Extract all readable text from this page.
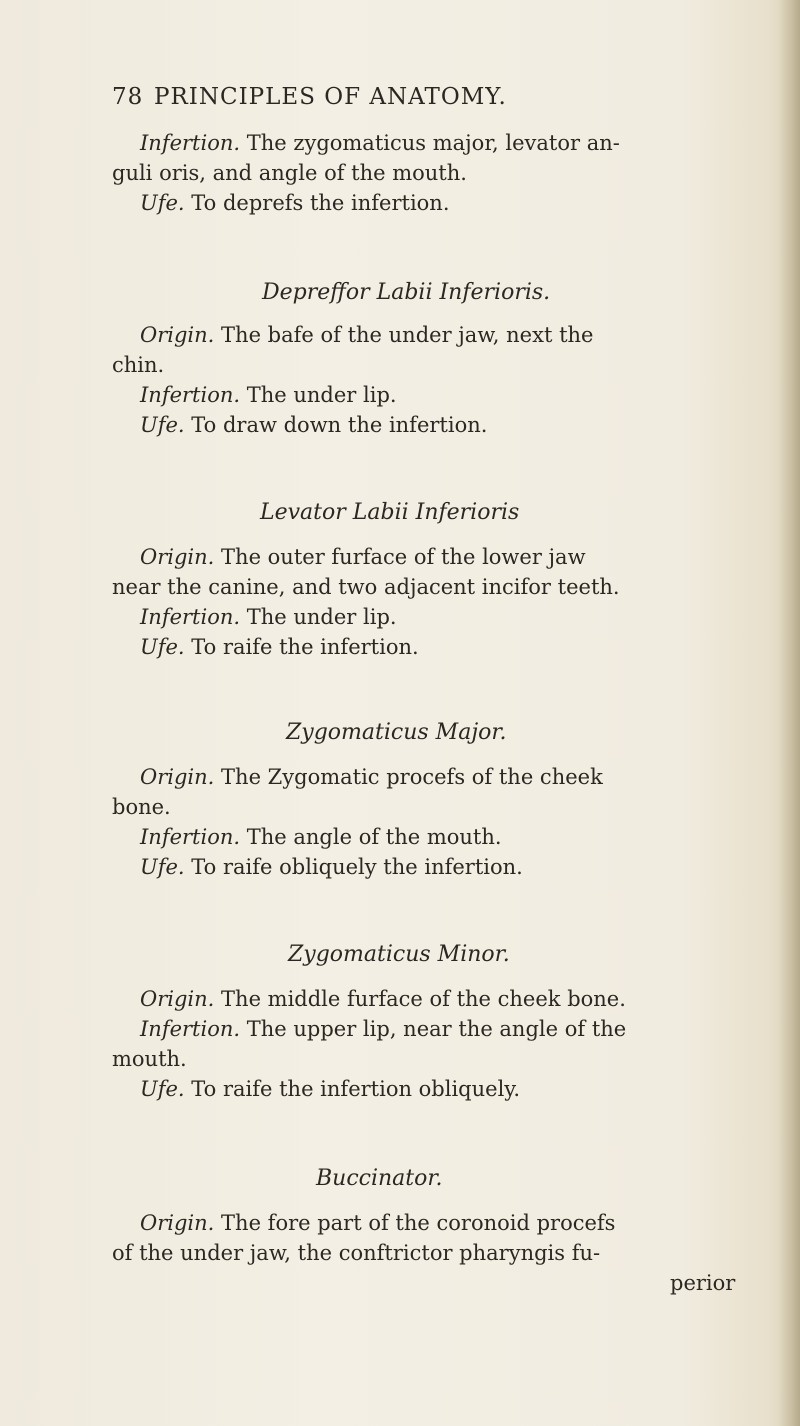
78 PRINCIPLES OF ANATOMY.
Infertion. The zygomaticus major, levator an-
guli oris, and angle of the mouth.
Ufe. To deprefs the infertion.
Depreffor Labii Inferioris.
Origin. The bafe of the under jaw, next the
chin.
Infertion. The under lip.
Ufe. To draw down the infertion.
Levator Labii Inferioris
Origin. The outer furface of the lower jaw
near the canine, and two adjacent incifor teeth.
Infertion. The under lip.
Ufe. To raife the infertion.
Zygomaticus Major.
Origin. The Zygomatic procefs of the cheek
bone.
Infertion. The angle of the mouth.
Ufe. To raife obliquely the infertion.
Zygomaticus Minor.
Origin. The middle furface of the cheek bone.
Infertion. The upper lip, near the angle of the
mouth.
Ufe. To raife the infertion obliquely.
Buccinator.
Origin. The fore part of the coronoid procefs
of the under jaw, the conftrictor pharyngis fu-
perior
